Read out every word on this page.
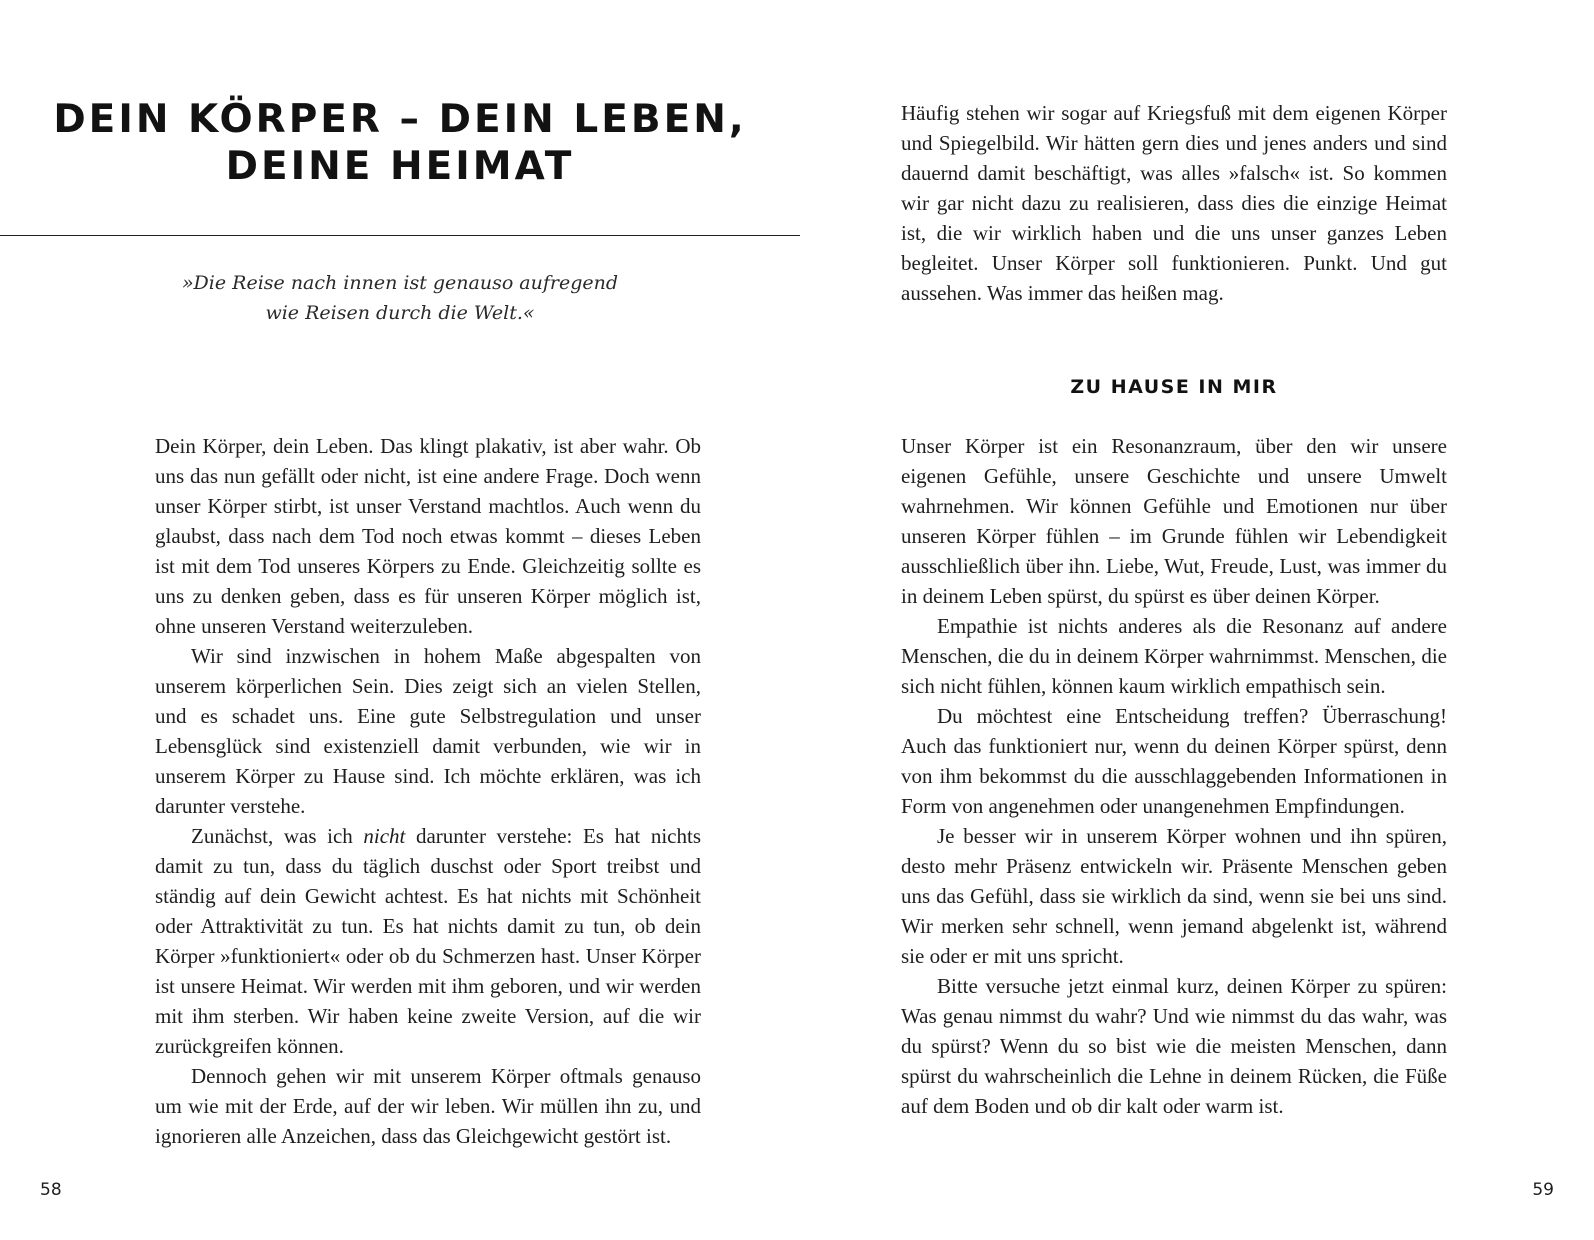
DEIN KÖRPER – DEIN LEBEN,
DEINE HEIMAT
»Die Reise nach innen ist genauso aufregend
wie Reisen durch die Welt.«

Dein Körper, dein Leben. Das klingt plakativ, ist aber wahr. Ob uns das nun gefällt oder nicht, ist eine andere Frage. Doch wenn unser Körper stirbt, ist unser Verstand machtlos. Auch wenn du glaubst, dass nach dem Tod noch etwas kommt – dieses Leben ist mit dem Tod unseres Körpers zu Ende. Gleichzeitig sollte es uns zu denken geben, dass es für unseren Körper möglich ist, ohne unseren Verstand weiterzuleben.

Wir sind inzwischen in hohem Maße abgespalten von unserem körperlichen Sein. Dies zeigt sich an vielen Stellen, und es schadet uns. Eine gute Selbstregulation und unser Lebensglück sind existenziell damit verbunden, wie wir in unserem Körper zu Hause sind. Ich möchte erklären, was ich darunter verstehe.

Zunächst, was ich nicht darunter verstehe: Es hat nichts damit zu tun, dass du täglich duschst oder Sport treibst und ständig auf dein Gewicht achtest. Es hat nichts mit Schönheit oder Attraktivität zu tun. Es hat nichts damit zu tun, ob dein Körper »funktioniert« oder ob du Schmerzen hast. Unser Körper ist unsere Heimat. Wir werden mit ihm geboren, und wir werden mit ihm sterben. Wir haben keine zweite Version, auf die wir zurückgreifen können.

Dennoch gehen wir mit unserem Körper oftmals genauso um wie mit der Erde, auf der wir leben. Wir müllen ihn zu, und ignorieren alle Anzeichen, dass das Gleichgewicht gestört ist.

58

Häufig stehen wir sogar auf Kriegsfuß mit dem eigenen Körper und Spiegelbild. Wir hätten gern dies und jenes anders und sind dauernd damit beschäftigt, was alles »falsch« ist. So kommen wir gar nicht dazu zu realisieren, dass dies die einzige Heimat ist, die wir wirklich haben und die uns unser ganzes Leben begleitet. Unser Körper soll funktionieren. Punkt. Und gut aussehen. Was immer das heißen mag.

ZU HAUSE IN MIR

Unser Körper ist ein Resonanzraum, über den wir unsere eigenen Gefühle, unsere Geschichte und unsere Umwelt wahrnehmen. Wir können Gefühle und Emotionen nur über unseren Körper fühlen – im Grunde fühlen wir Lebendigkeit ausschließlich über ihn. Liebe, Wut, Freude, Lust, was immer du in deinem Leben spürst, du spürst es über deinen Körper.

Empathie ist nichts anderes als die Resonanz auf andere Menschen, die du in deinem Körper wahrnimmst. Menschen, die sich nicht fühlen, können kaum wirklich empathisch sein.

Du möchtest eine Entscheidung treffen? Überraschung! Auch das funktioniert nur, wenn du deinen Körper spürst, denn von ihm bekommst du die ausschlaggebenden Informationen in Form von angenehmen oder unangenehmen Empfindungen.

Je besser wir in unserem Körper wohnen und ihn spüren, desto mehr Präsenz entwickeln wir. Präsente Menschen geben uns das Gefühl, dass sie wirklich da sind, wenn sie bei uns sind. Wir merken sehr schnell, wenn jemand abgelenkt ist, während sie oder er mit uns spricht.

Bitte versuche jetzt einmal kurz, deinen Körper zu spüren: Was genau nimmst du wahr? Und wie nimmst du das wahr, was du spürst? Wenn du so bist wie die meisten Menschen, dann spürst du wahrscheinlich die Lehne in deinem Rücken, die Füße auf dem Boden und ob dir kalt oder warm ist.

59
